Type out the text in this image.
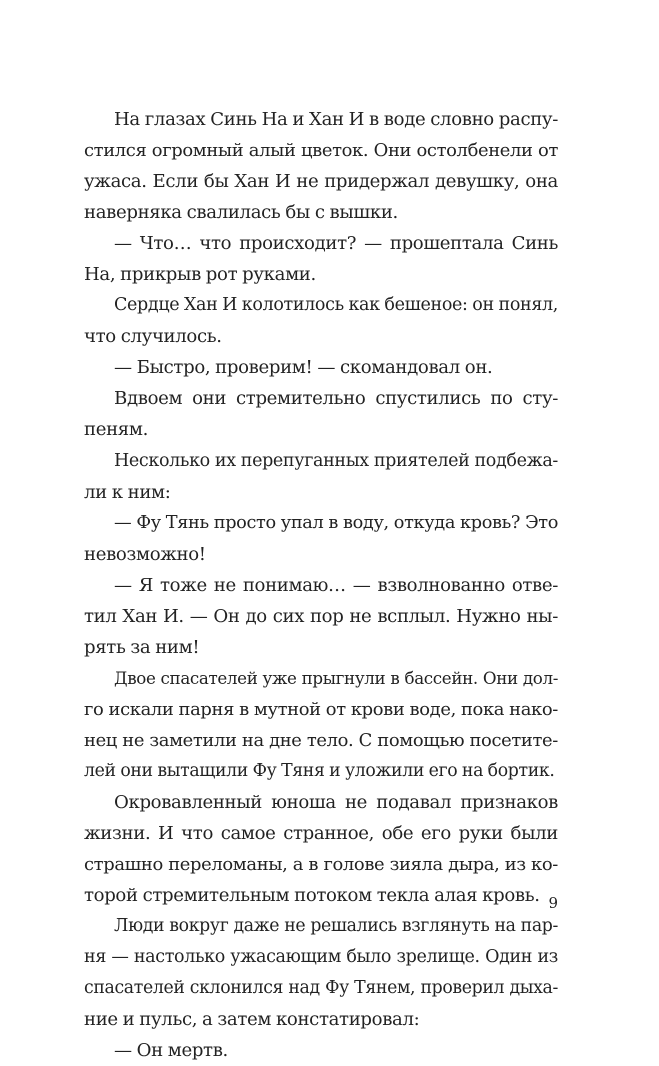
На глазах Синь На и Хан И в воде словно распу-
стился огромный алый цветок. Они остолбенели от
ужаса. Если бы Хан И не придержал девушку, она
наверняка свалилась бы с вышки.
— Что… что происходит? — прошептала Синь
На, прикрыв рот руками.
Сердце Хан И колотилось как бешеное: он понял,
что случилось.
— Быстро, проверим! — скомандовал он.
Вдвоем они стремительно спустились по сту-
пеням.
Несколько их перепуганных приятелей подбежа-
ли к ним:
— Фу Тянь просто упал в воду, откуда кровь? Это
невозможно!
— Я тоже не понимаю… — взволнованно отве-
тил Хан И. — Он до сих пор не всплыл. Нужно ны-
рять за ним!
Двое спасателей уже прыгнули в бассейн. Они дол-
го искали парня в мутной от крови воде, пока нако-
нец не заметили на дне тело. С помощью посетите-
лей они вытащили Фу Тяня и уложили его на бортик.
Окровавленный юноша не подавал признаков
жизни. И что самое странное, обе его руки были
страшно переломаны, а в голове зияла дыра, из ко-
торой стремительным потоком текла алая кровь.
Люди вокруг даже не решались взглянуть на пар-
ня — настолько ужасающим было зрелище. Один из
спасателей склонился над Фу Тянем, проверил дыха-
ние и пульс, а затем констатировал:
— Он мертв.
9
